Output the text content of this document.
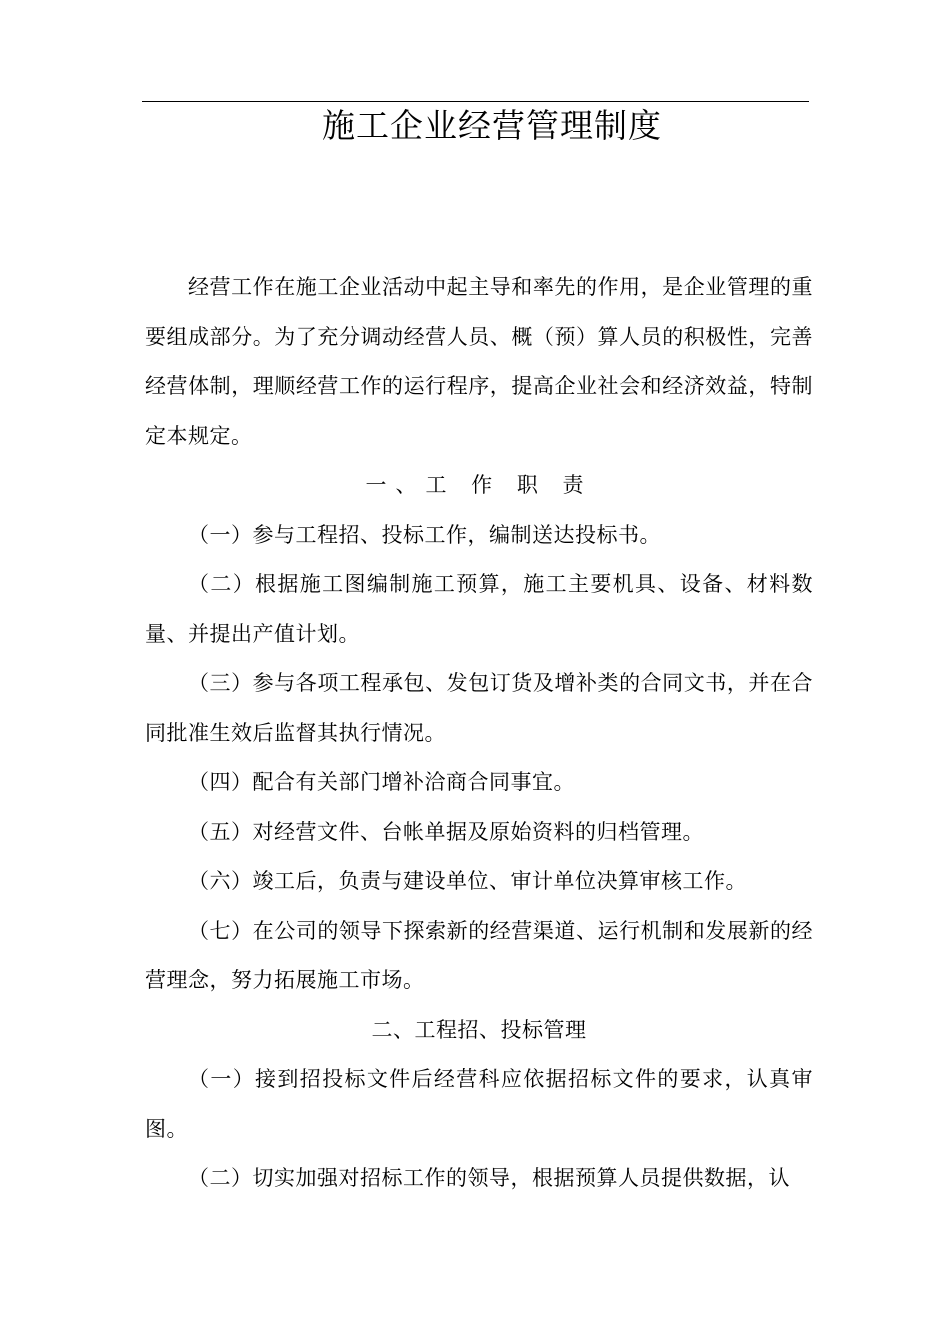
施工企业经营管理制度

经营工作在施工企业活动中起主导和率先的作用，是企业管理的重要组成部分。为了充分调动经营人员、概（预）算人员的积极性，完善经营体制，理顺经营工作的运行程序，提高企业社会和经济效益，特制定本规定。

一、工 作 职 责

（一）参与工程招、投标工作，编制送达投标书。

（二）根据施工图编制施工预算，施工主要机具、设备、材料数量、并提出产值计划。

（三）参与各项工程承包、发包订货及增补类的合同文书，并在合同批准生效后监督其执行情况。

（四）配合有关部门增补洽商合同事宜。

（五）对经营文件、台帐单据及原始资料的归档管理。

（六）竣工后，负责与建设单位、审计单位决算审核工作。

（七）在公司的领导下探索新的经营渠道、运行机制和发展新的经营理念，努力拓展施工市场。

二、工程招、投标管理

（一）接到招投标文件后经营科应依据招标文件的要求，认真审图。

（二）切实加强对招标工作的领导，根据预算人员提供数据，认
